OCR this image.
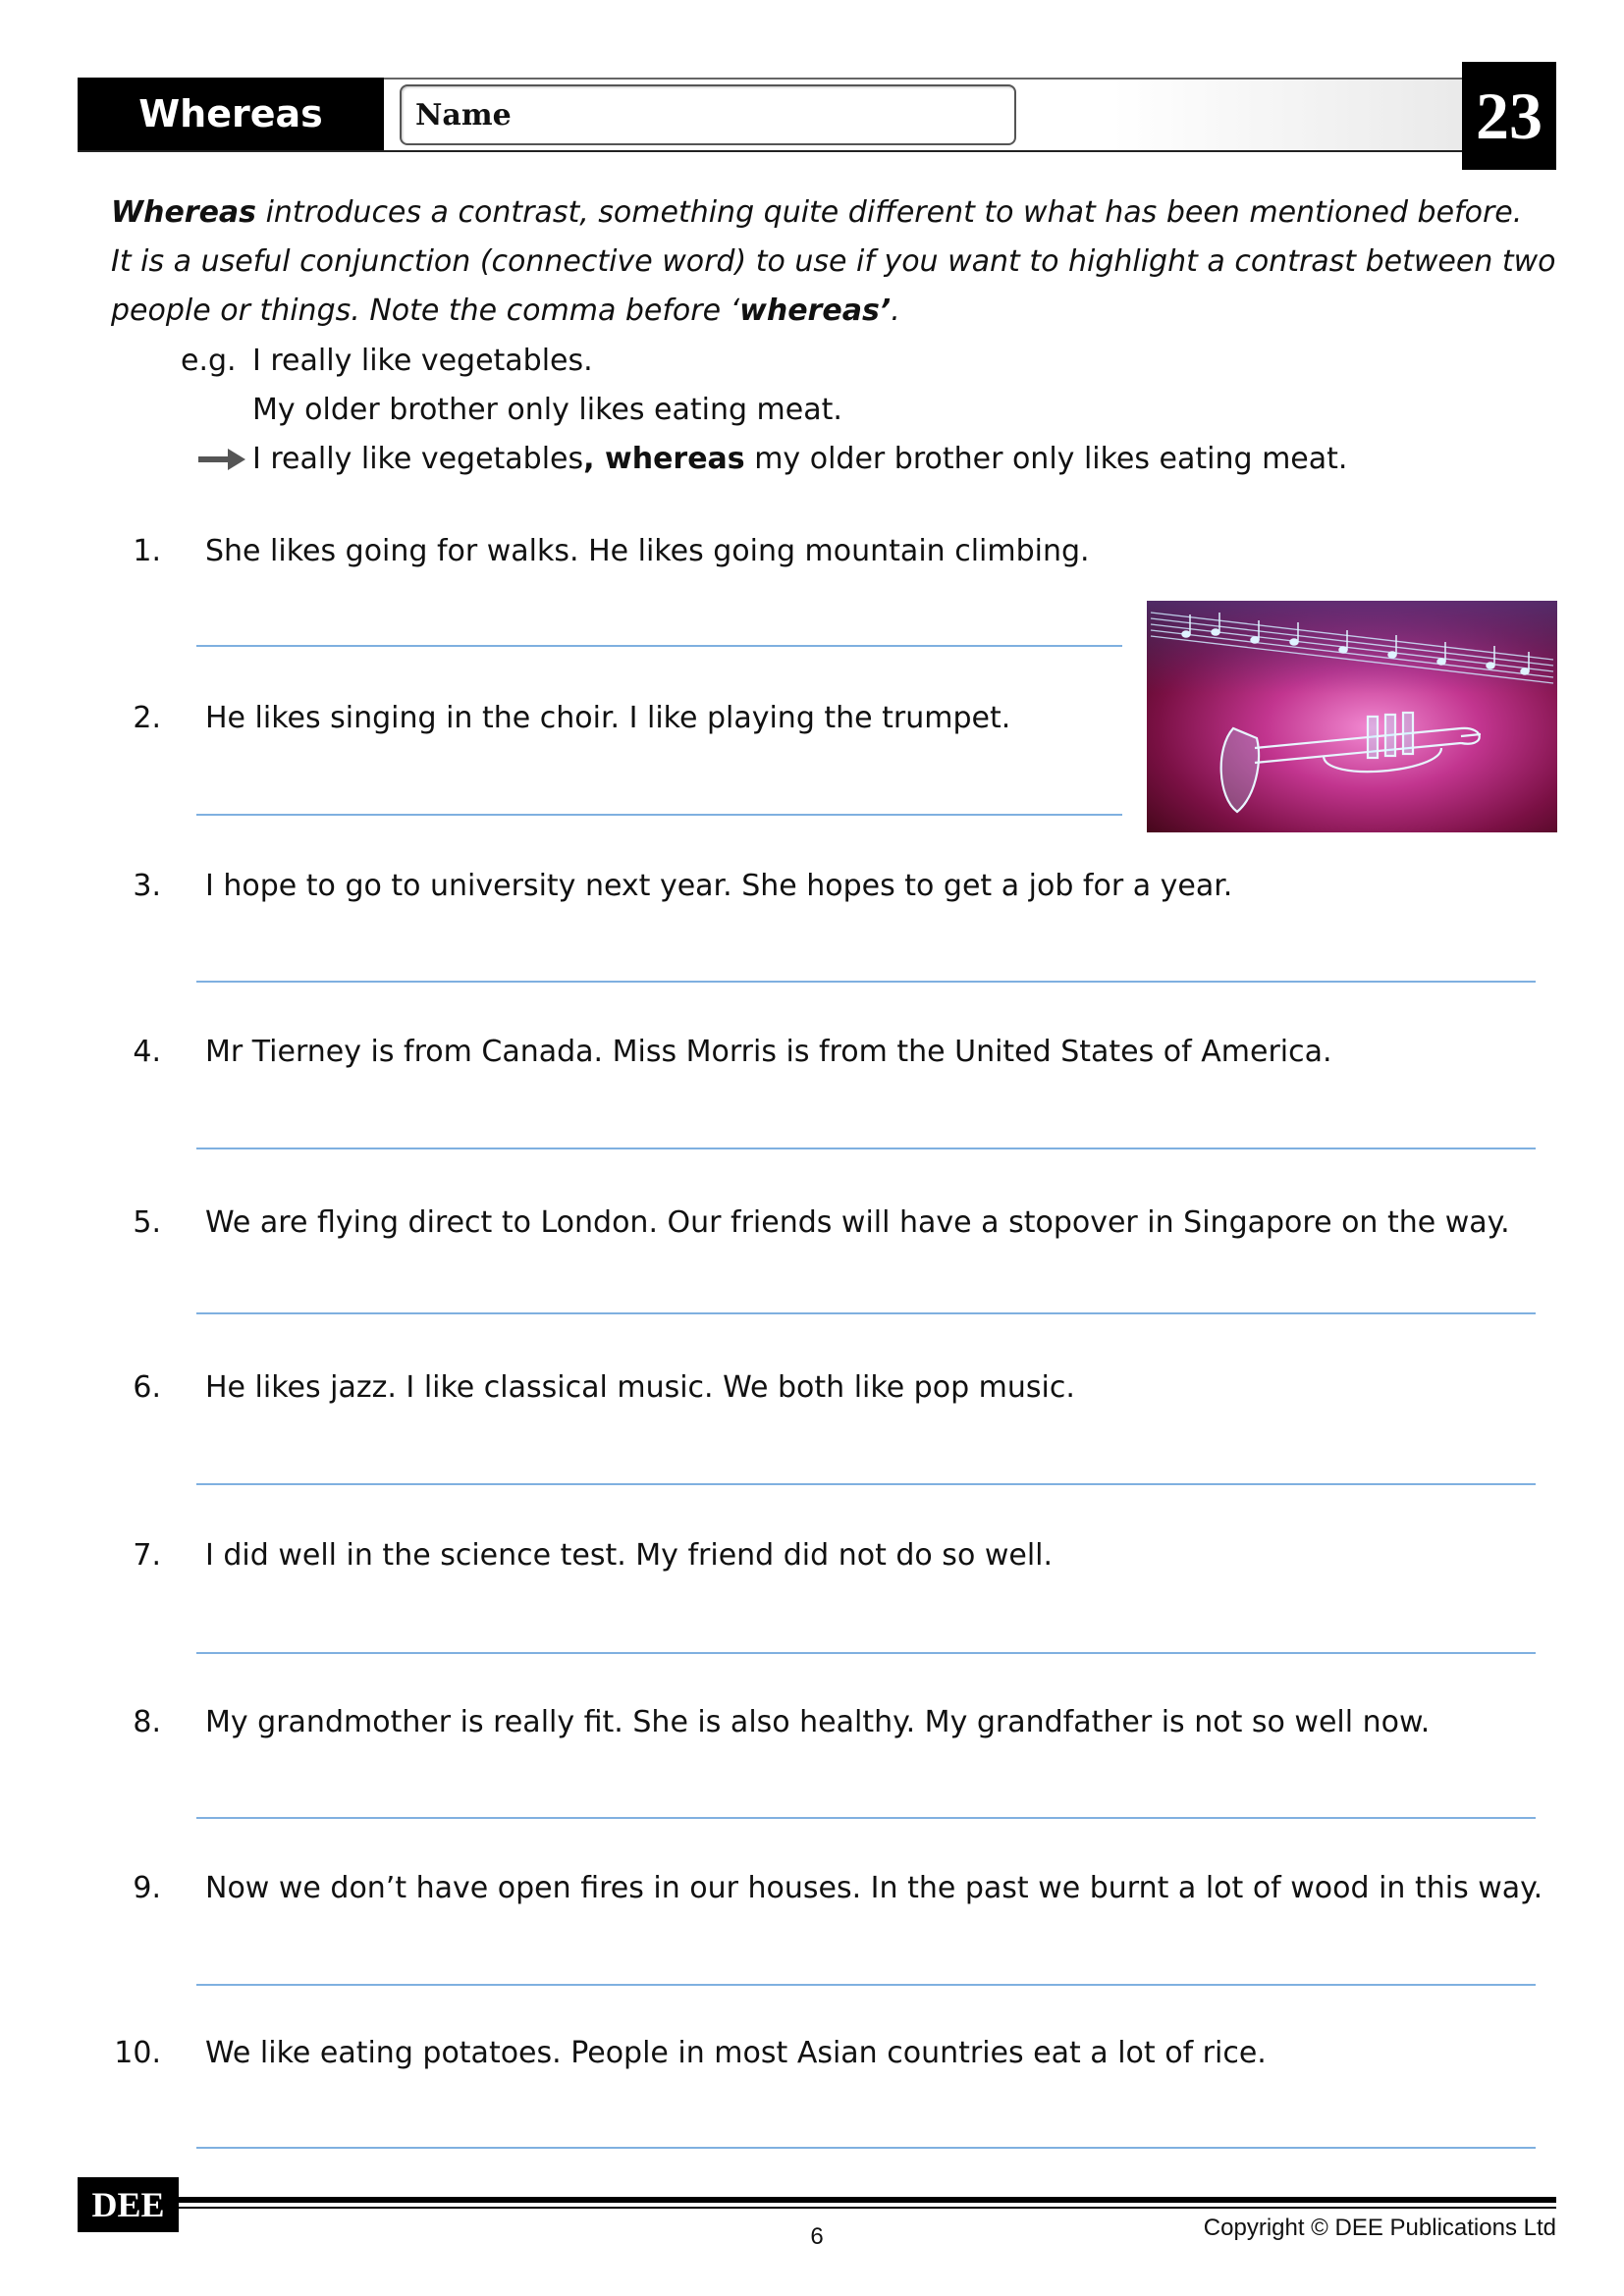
Whereas	Name	23

Whereas introduces a contrast, something quite different to what has been mentioned before.

It is a useful conjunction (connective word) to use if you want to highlight a contrast between two

people or things. Note the comma before ‘whereas’.

e.g. I really like vegetables.
My older brother only likes eating meat.
I really like vegetables, whereas my older brother only likes eating meat.
1. She likes going for walks. He likes going mountain climbing.
2. He likes singing in the choir. I like playing the trumpet.
3. I hope to go to university next year. She hopes to get a job for a year.
4. Mr Tierney is from Canada. Miss Morris is from the United States of America.
5. We are flying direct to London. Our friends will have a stopover in Singapore on the way.
6. He likes jazz. I like classical music. We both like pop music.
7. I did well in the science test. My friend did not do so well.
8. My grandmother is really fit. She is also healthy. My grandfather is not so well now.
9. Now we don’t have open fires in our houses. In the past we burnt a lot of wood in this way.
10. We like eating potatoes. People in most Asian countries eat a lot of rice.
DEE
6	Copyright © DEE Publications Ltd
